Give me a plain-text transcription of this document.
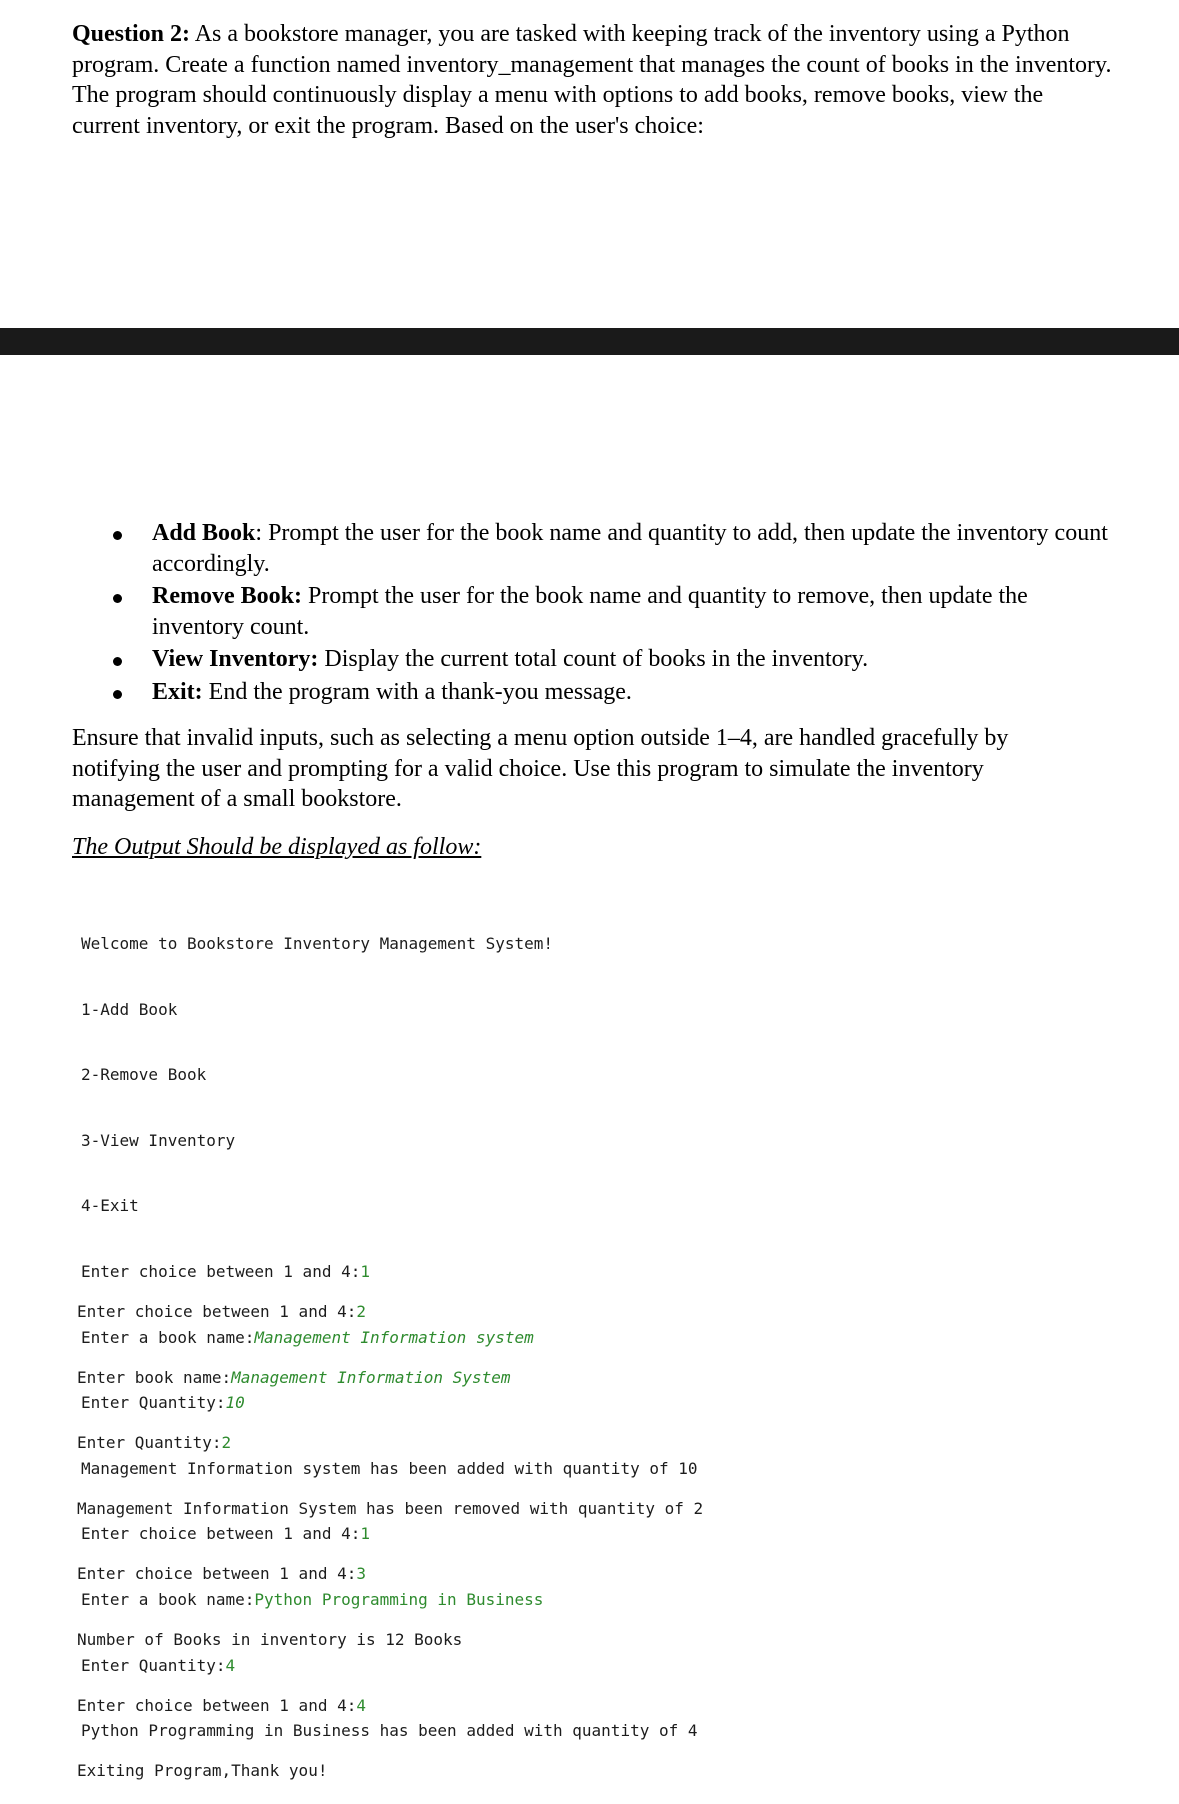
Question 2: As a bookstore manager, you are tasked with keeping track of the inventory using a Python program. Create a function named inventory_management that manages the count of books in the inventory. The program should continuously display a menu with options to add books, remove books, view the current inventory, or exit the program. Based on the user's choice:

Add Book: Prompt the user for the book name and quantity to add, then update the inventory count accordingly.
Remove Book: Prompt the user for the book name and quantity to remove, then update the inventory count.
View Inventory: Display the current total count of books in the inventory.
Exit: End the program with a thank-you message.

Ensure that invalid inputs, such as selecting a menu option outside 1–4, are handled gracefully by notifying the user and prompting for a valid choice. Use this program to simulate the inventory management of a small bookstore.

The Output Should be displayed as follow:

Welcome to Bookstore Inventory Management System!

1-Add Book

2-Remove Book

3-View Inventory

4-Exit

Enter choice between 1 and 4:1

Enter a book name:Management Information system

Enter Quantity:10

Management Information system has been added with quantity of 10

Enter choice between 1 and 4:1

Enter a book name:Python Programming in Business

Enter Quantity:4

Python Programming in Business has been added with quantity of 4

Enter choice between 1 and 4:2

Enter book name:Management Information System

Enter Quantity:2

Management Information System has been removed with quantity of 2

Enter choice between 1 and 4:3

Number of Books in inventory is 12 Books

Enter choice between 1 and 4:4

Exiting Program,Thank you!
